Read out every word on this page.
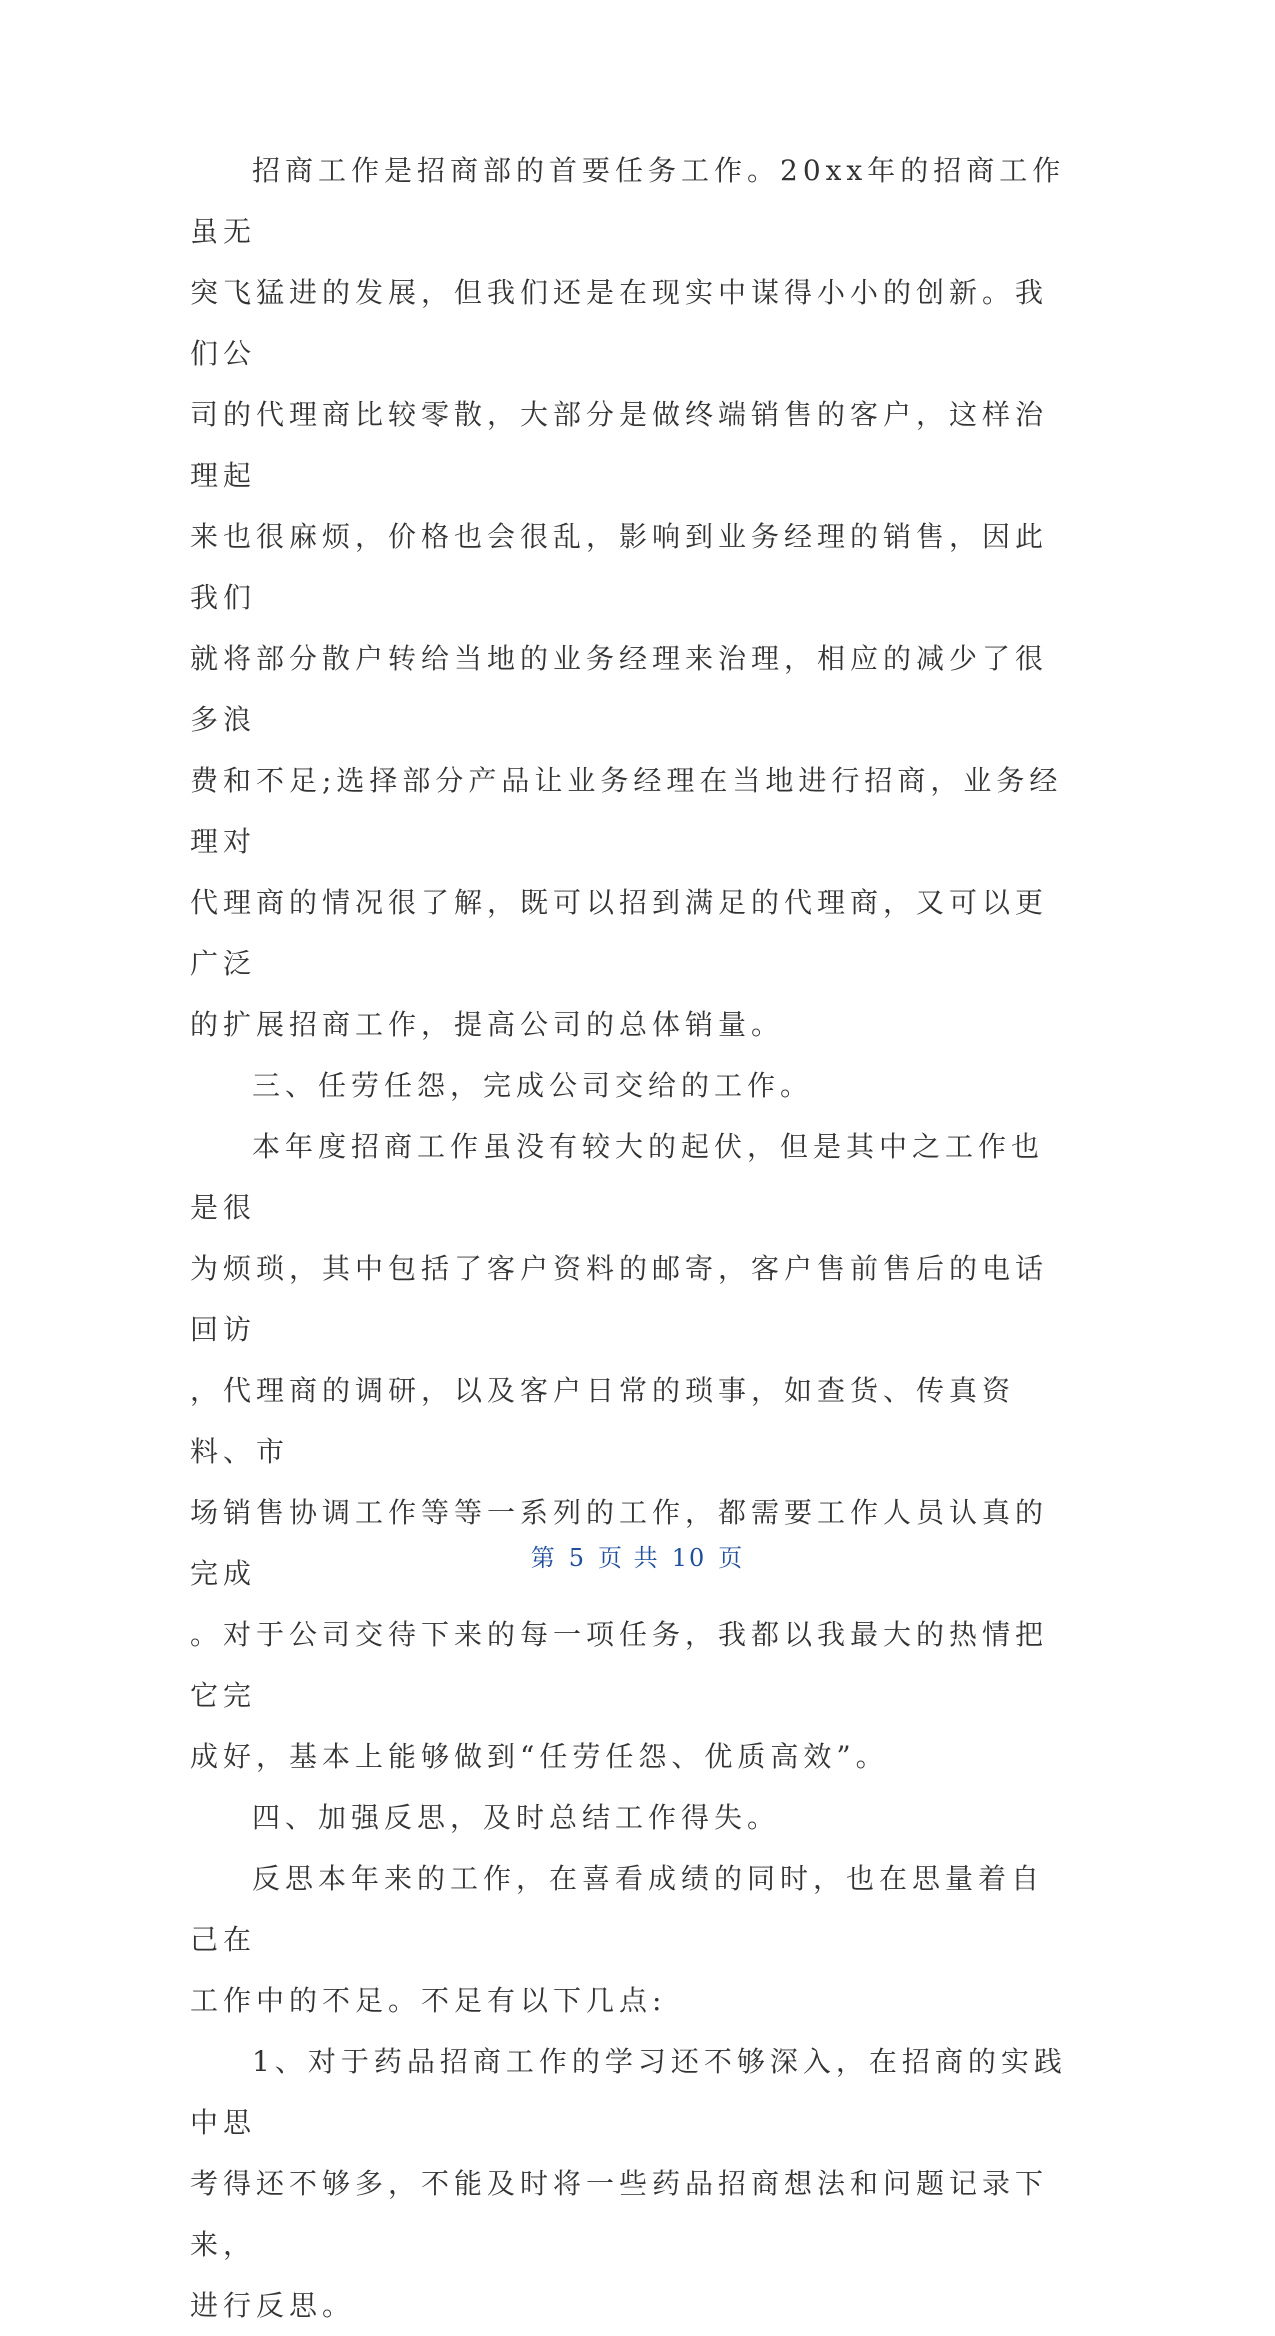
招商工作是招商部的首要任务工作。20xx年的招商工作虽无

突飞猛进的发展，但我们还是在现实中谋得小小的创新。我们公

司的代理商比较零散，大部分是做终端销售的客户，这样治理起

来也很麻烦，价格也会很乱，影响到业务经理的销售，因此我们

就将部分散户转给当地的业务经理来治理，相应的减少了很多浪

费和不足;选择部分产品让业务经理在当地进行招商，业务经理对

代理商的情况很了解，既可以招到满足的代理商，又可以更广泛

的扩展招商工作，提高公司的总体销量。

三、任劳任怨，完成公司交给的工作。

本年度招商工作虽没有较大的起伏，但是其中之工作也是很

为烦琐，其中包括了客户资料的邮寄，客户售前售后的电话回访

，代理商的调研，以及客户日常的琐事，如查货、传真资料、市

场销售协调工作等等一系列的工作，都需要工作人员认真的完成

。对于公司交待下来的每一项任务，我都以我最大的热情把它完

成好，基本上能够做到“任劳任怨、优质高效”。

四、加强反思，及时总结工作得失。

反思本年来的工作，在喜看成绩的同时，也在思量着自己在

工作中的不足。不足有以下几点:

1、对于药品招商工作的学习还不够深入，在招商的实践中思

考得还不够多，不能及时将一些药品招商想法和问题记录下来，

进行反思。

第 5 页 共 10 页
